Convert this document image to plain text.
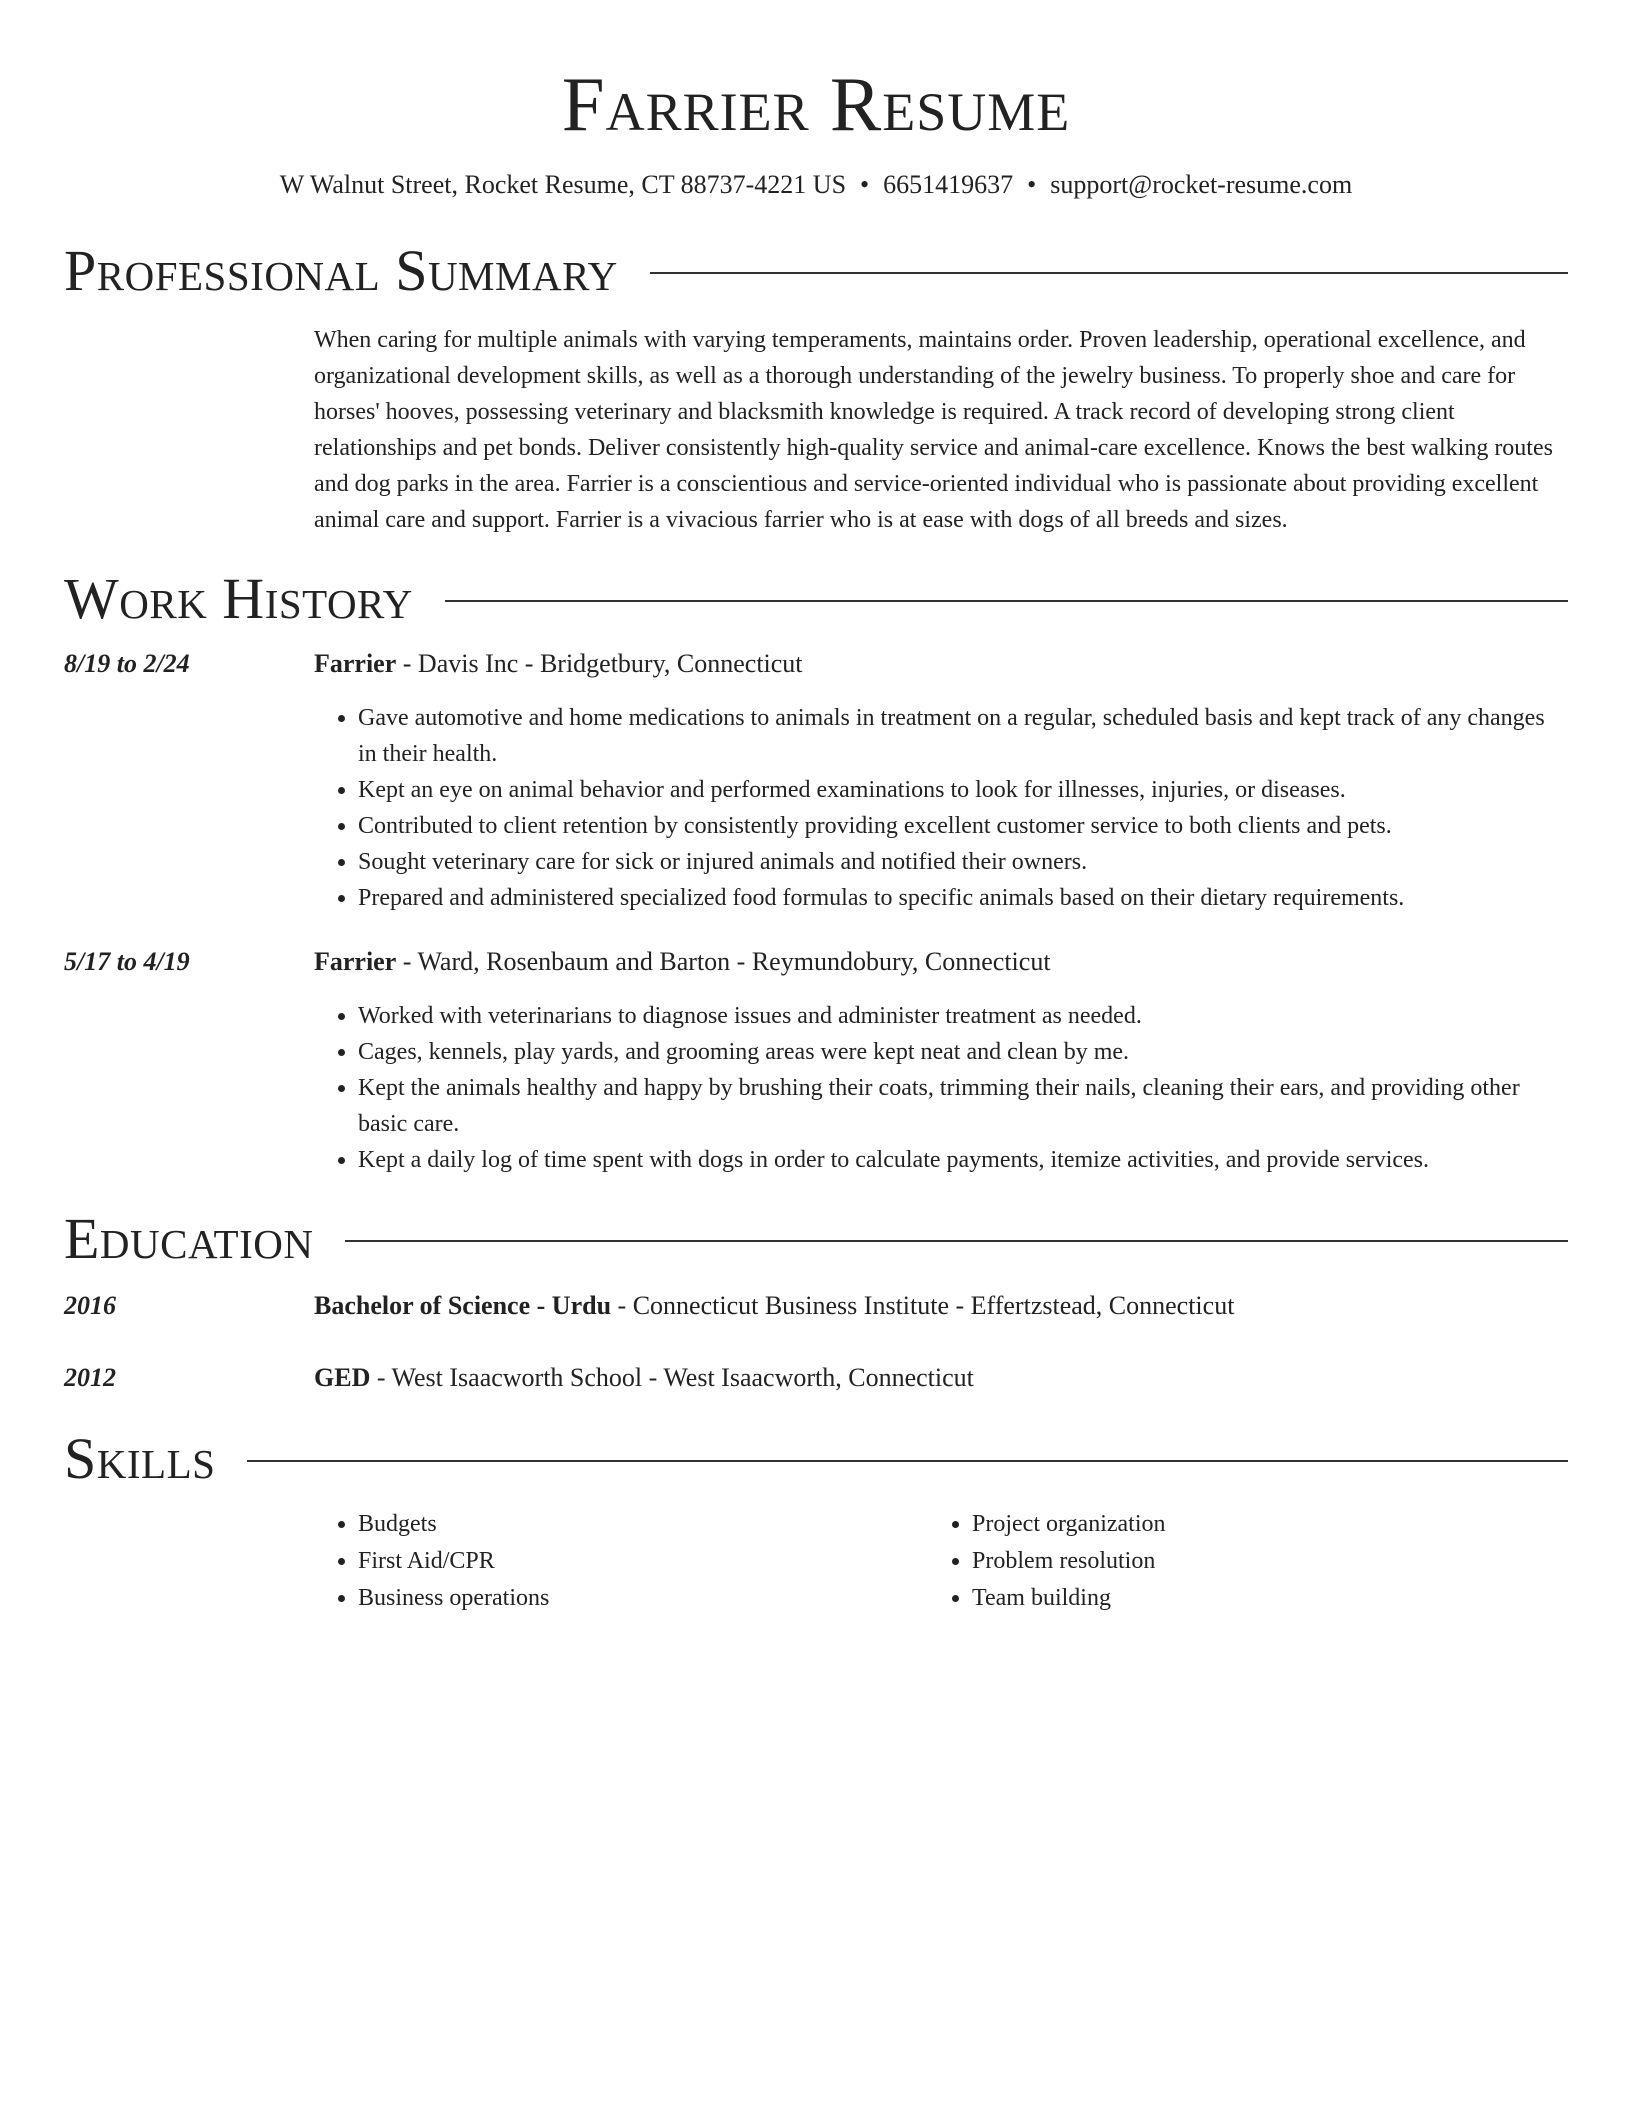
Farrier Resume
W Walnut Street, Rocket Resume, CT 88737-4221 US • 6651419637 • support@rocket-resume.com
Professional Summary
When caring for multiple animals with varying temperaments, maintains order. Proven leadership, operational excellence, and organizational development skills, as well as a thorough understanding of the jewelry business. To properly shoe and care for horses' hooves, possessing veterinary and blacksmith knowledge is required. A track record of developing strong client relationships and pet bonds. Deliver consistently high-quality service and animal-care excellence. Knows the best walking routes and dog parks in the area. Farrier is a conscientious and service-oriented individual who is passionate about providing excellent animal care and support. Farrier is a vivacious farrier who is at ease with dogs of all breeds and sizes.
Work History
8/19 to 2/24	Farrier - Davis Inc - Bridgetbury, Connecticut
• Gave automotive and home medications to animals in treatment on a regular, scheduled basis and kept track of any changes in their health.
• Kept an eye on animal behavior and performed examinations to look for illnesses, injuries, or diseases.
• Contributed to client retention by consistently providing excellent customer service to both clients and pets.
• Sought veterinary care for sick or injured animals and notified their owners.
• Prepared and administered specialized food formulas to specific animals based on their dietary requirements.
5/17 to 4/19	Farrier - Ward, Rosenbaum and Barton - Reymundobury, Connecticut
• Worked with veterinarians to diagnose issues and administer treatment as needed.
• Cages, kennels, play yards, and grooming areas were kept neat and clean by me.
• Kept the animals healthy and happy by brushing their coats, trimming their nails, cleaning their ears, and providing other basic care.
• Kept a daily log of time spent with dogs in order to calculate payments, itemize activities, and provide services.
Education
2016	Bachelor of Science - Urdu - Connecticut Business Institute - Effertzstead, Connecticut
2012	GED - West Isaacworth School - West Isaacworth, Connecticut
Skills
• Budgets
• First Aid/CPR
• Business operations
• Project organization
• Problem resolution
• Team building
